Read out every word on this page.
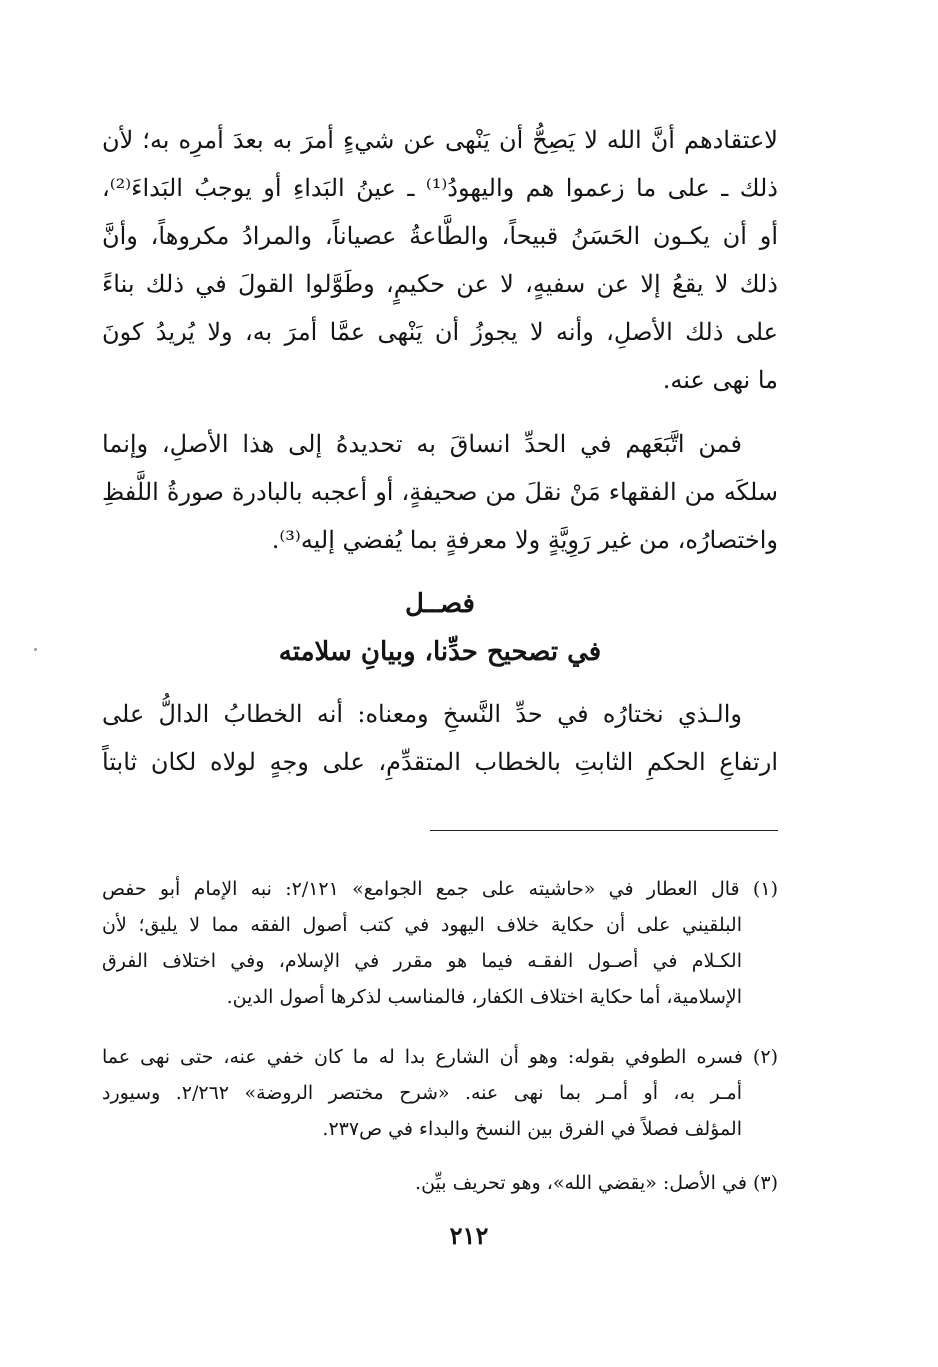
لاعتقادهم أنَّ الله لا يَصِحُّ أن يَنْهى عن شيءٍ أمرَ به بعدَ أمرِه به؛ لأن
ذلك ـ على ما زعموا هم واليهودُ⁽¹⁾ ـ عينُ البَداءِ أو يوجبُ البَداءَ⁽²⁾،
أو أن يكـون الحَسَنُ قبيحاً، والطَّاعةُ عصياناً، والمرادُ مكروهاً، وأنَّ
ذلك لا يقعُ إلا عن سفيهٍ، لا عن حكيمٍ، وطَوَّلوا القولَ في ذلك بناءً
على ذلك الأصلِ، وأنه لا يجوزُ أن يَنْهى عمَّا أمرَ به، ولا يُريدُ كونَ
ما نهى عنه.
فمن اتَّبَعَهم في الحدِّ انساقَ به تحديدهُ إلى هذا الأصلِ، وإنما
سلكَه من الفقهاء مَنْ نقلَ من صحيفةٍ، أو أعجبه بالبادرة صورةُ اللَّفظِ
واختصارُه، من غير رَوِيَّةٍ ولا معرفةٍ بما يُفضي إليه⁽³⁾.
فصــل
في تصحيح حدِّنا، وبيانِ سلامته
والـذي نختارُه في حدِّ النَّسخِ ومعناه: أنه الخطابُ الدالُّ على
ارتفاعِ الحكمِ الثابتِ بالخطاب المتقدِّمِ، على وجهٍ لولاه لكان ثابتاً
(١) قال العطار في «حاشيته على جمع الجوامع» ٢/١٢١: نبه الإمام أبو حفص
البلقيني على أن حكاية خلاف اليهود في كتب أصول الفقه مما لا يليق؛ لأن
الكـلام في أصـول الفقـه فيما هو مقرر في الإسلام، وفي اختلاف الفرق
الإسلامية، أما حكاية اختلاف الكفار، فالمناسب لذكرها أصول الدين.
(٢) فسره الطوفي بقوله: وهو أن الشارع بدا له ما كان خفي عنه، حتى نهى عما
أمـر به، أو أمـر بما نهى عنه. «شرح مختصر الروضة» ٢/٢٦٢. وسيورد
المؤلف فصلاً في الفرق بين النسخ والبداء في ص٢٣٧.
(٣) في الأصل: «يقضي الله»، وهو تحريف بيِّن.
٢١٢
